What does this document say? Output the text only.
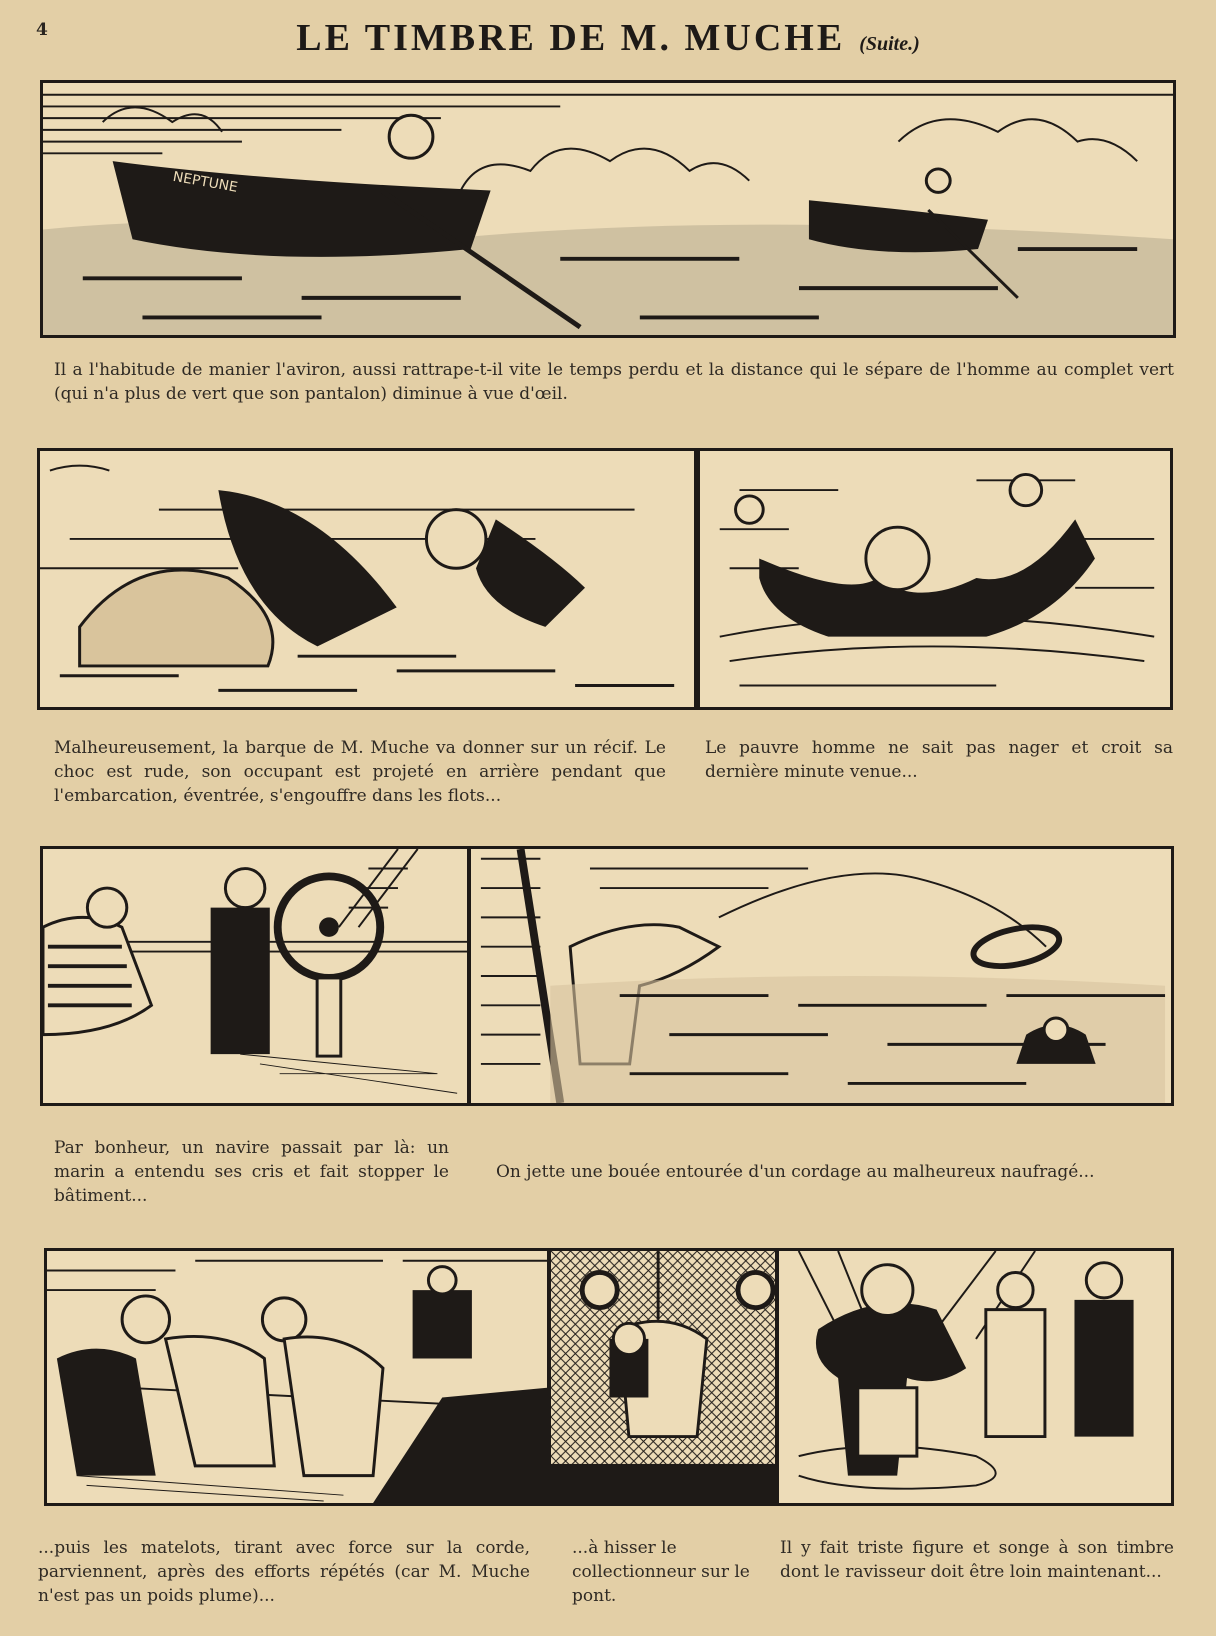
4	LE TIMBRE DE M. MUCHE (Suite.)
NEPTUNE
Il a l'habitude de manier l'aviron, aussi rattrape-t-il vite le temps perdu et la distance qui le sépare de l'homme au complet vert (qui n'a plus de vert que son pantalon) diminue à vue d'œil.
Malheureusement, la barque de M. Muche va donner sur un récif. Le choc est rude, son occupant est projeté en arrière pendant que l'embarcation, éventrée, s'engouffre dans les flots...
Le pauvre homme ne sait pas nager et croit sa dernière minute venue...
Par bonheur, un navire passait par là: un marin a entendu ses cris et fait stopper le bâtiment...
On jette une bouée entourée d'un cordage au malheureux naufragé...
...puis les matelots, tirant avec force sur la corde, parviennent, après des efforts répétés (car M. Muche n'est pas un poids plume)...
...à hisser le collectionneur sur le pont.
Il y fait triste figure et songe à son timbre dont le ravisseur doit être loin maintenant...
